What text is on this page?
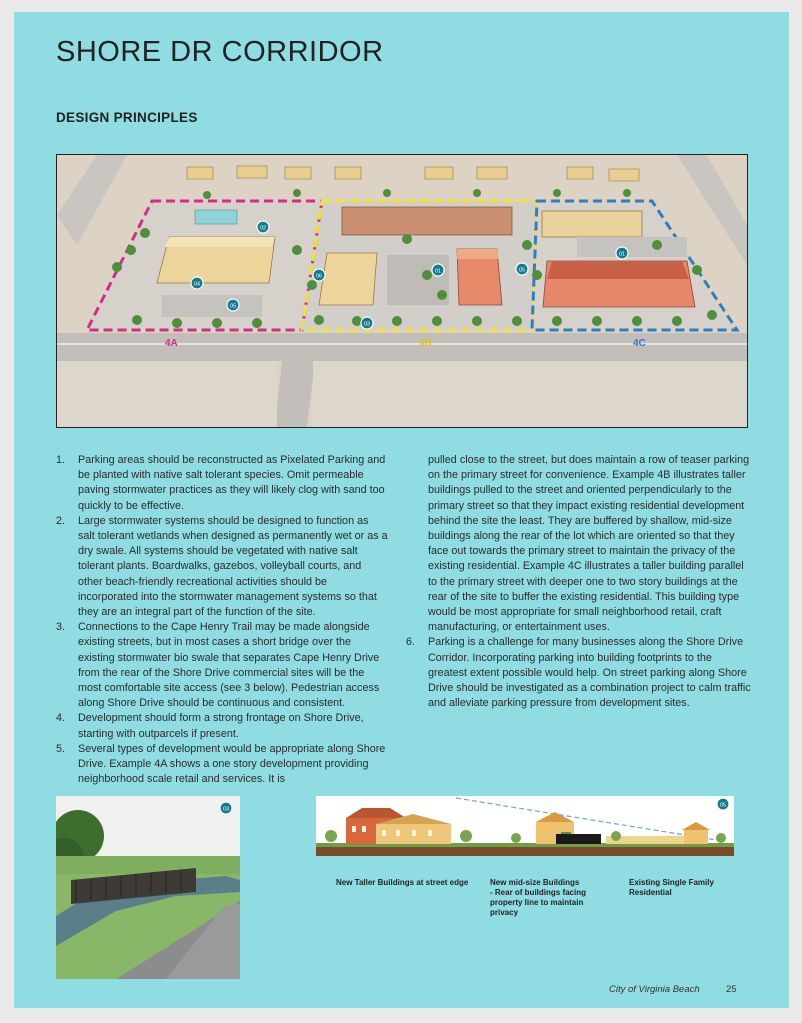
SHORE DR CORRIDOR
DESIGN PRINCIPLES
02
04
05
06
03
01	05
01
4A	4B	4C
1.	Parking areas should be reconstructed as Pixelated Parking and be planted with native salt tolerant species. Omit permeable paving stormwater practices as they will likely clog with sand too quickly to be effective.
2.	Large stormwater systems should be designed to function as salt tolerant wetlands when designed as permanently wet or as a dry swale. All systems should be vegetated with native salt tolerant plants. Boardwalks, gazebos, volleyball courts, and other beach-friendly recreational activities should be incorporated into the stormwater management systems so that they are an integral part of the function of the site.
3.	Connections to the Cape Henry Trail may be made alongside existing streets, but in most cases a short bridge over the existing stormwater bio swale that separates Cape Henry Drive from the rear of the Shore Drive commercial sites will be the most comfortable site access (see 3 below). Pedestrian access along Shore Drive should be continuous and consistent.
4.	Development should form a strong frontage on Shore Drive, starting with outparcels if present.
5.	Several types of development would be appropriate along Shore Drive. Example 4A shows a one story development providing neighborhood scale retail and services. It is

pulled close to the street, but does maintain a row of teaser parking on the primary street for convenience. Example 4B illustrates taller buildings pulled to the street and oriented perpendicularly to the primary street so that they impact existing residential development behind the site the least. They are buffered by shallow, mid-size buildings along the rear of the lot which are oriented so that they face out towards the primary street to maintain the privacy of the existing residential. Example 4C illustrates a taller building parallel to the primary street with deeper one to two story buildings at the rear of the site to buffer the existing residential. This building type would be most appropriate for small neighborhood retail, craft manufacturing, or entertainment uses.

6.	Parking is a challenge for many businesses along the Shore Drive Corridor. Incorporating parking into building footprints to the greatest extent possible would help. On street parking along Shore Drive should be investigated as a combination project to calm traffic and alleviate parking pressure from development sites.
03
05
New Taller Buildings at street edge	New mid-size Buildings
- Rear of buildings facing
property line to maintain
privacy
Existing Single Family
Residential
City of Virginia Beach	25
